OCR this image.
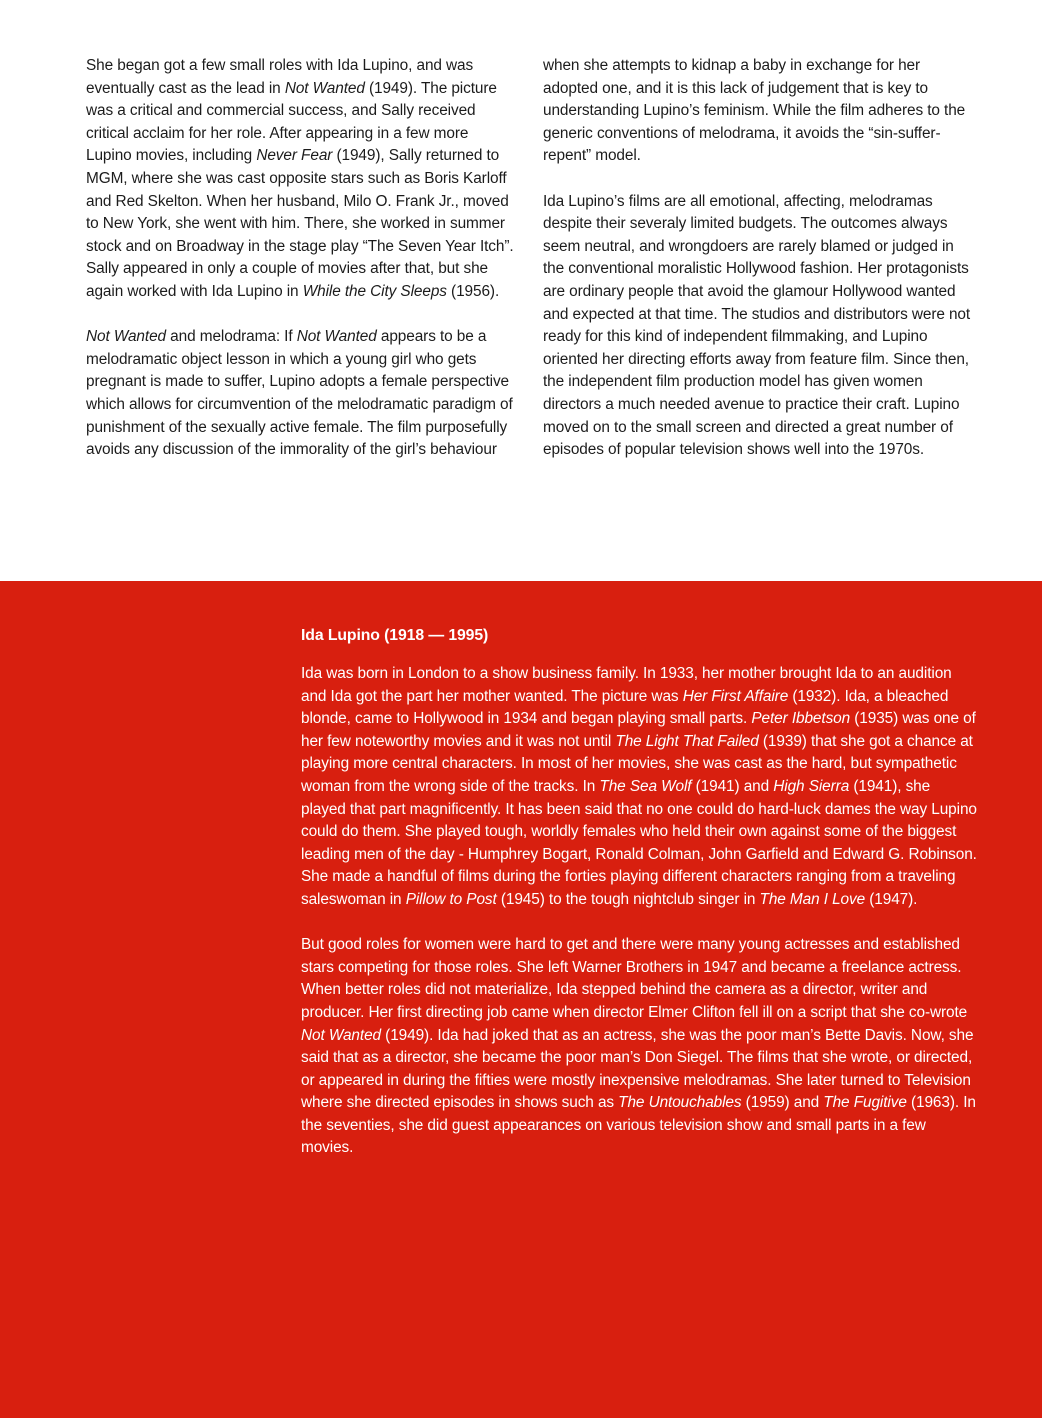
She began got a few small roles with Ida Lupino, and was eventually cast as the lead in Not Wanted (1949). The picture was a critical and commercial success, and Sally received critical acclaim for her role. After appearing in a few more Lupino movies, including Never Fear (1949), Sally returned to MGM, where she was cast opposite stars such as Boris Karloff and Red Skelton. When her husband, Milo O. Frank Jr., moved to New York, she went with him. There, she worked in summer stock and on Broadway in the stage play “The Seven Year Itch”. Sally appeared in only a couple of movies after that, but she again worked with Ida Lupino in While the City Sleeps (1956).

Not Wanted and melodrama: If Not Wanted appears to be a melodramatic object lesson in which a young girl who gets pregnant is made to suffer, Lupino adopts a female perspective which allows for circumvention of the melodramatic paradigm of punishment of the sexually active female. The film purposefully avoids any discussion of the immorality of the girl’s behaviour

when she attempts to kidnap a baby in exchange for her adopted one, and it is this lack of judgement that is key to understanding Lupino’s feminism. While the film adheres to the generic conventions of melodrama, it avoids the “sin-suffer-repent” model.

Ida Lupino’s films are all emotional, affecting, melodramas despite their severaly limited budgets. The outcomes always seem neutral, and wrongdoers are rarely blamed or judged in the conventional moralistic Hollywood fashion. Her protagonists are ordinary people that avoid the glamour Hollywood wanted and expected at that time. The studios and distributors were not ready for this kind of independent filmmaking, and Lupino oriented her directing efforts away from feature film. Since then, the independent film production model has given women directors a much needed avenue to practice their craft. Lupino moved on to the small screen and directed a great number of episodes of popular television shows well into the 1970s.

Ida Lupino (1918 — 1995)

Ida was born in London to a show business family. In 1933, her mother brought Ida to an audition and Ida got the part her mother wanted. The picture was Her First Affaire (1932). Ida, a bleached blonde, came to Hollywood in 1934 and began playing small parts. Peter Ibbetson (1935) was one of her few noteworthy movies and it was not until The Light That Failed (1939) that she got a chance at playing more central characters. In most of her movies, she was cast as the hard, but sympathetic woman from the wrong side of the tracks. In The Sea Wolf (1941) and High Sierra (1941), she played that part magnificently. It has been said that no one could do hard-luck dames the way Lupino could do them. She played tough, worldly females who held their own against some of the biggest leading men of the day - Humphrey Bogart, Ronald Colman, John Garfield and Edward G. Robinson. She made a handful of films during the forties playing different characters ranging from a traveling saleswoman in Pillow to Post (1945) to the tough nightclub singer in The Man I Love (1947).

But good roles for women were hard to get and there were many young actresses and established stars competing for those roles. She left Warner Brothers in 1947 and became a freelance actress. When better roles did not materialize, Ida stepped behind the camera as a director, writer and producer. Her first directing job came when director Elmer Clifton fell ill on a script that she co-wrote Not Wanted (1949). Ida had joked that as an actress, she was the poor man’s Bette Davis. Now, she said that as a director, she became the poor man’s Don Siegel. The films that she wrote, or directed, or appeared in during the fifties were mostly inexpensive melodramas. She later turned to Television where she directed episodes in shows such as The Untouchables (1959) and The Fugitive (1963). In the seventies, she did guest appearances on various television show and small parts in a few movies.
